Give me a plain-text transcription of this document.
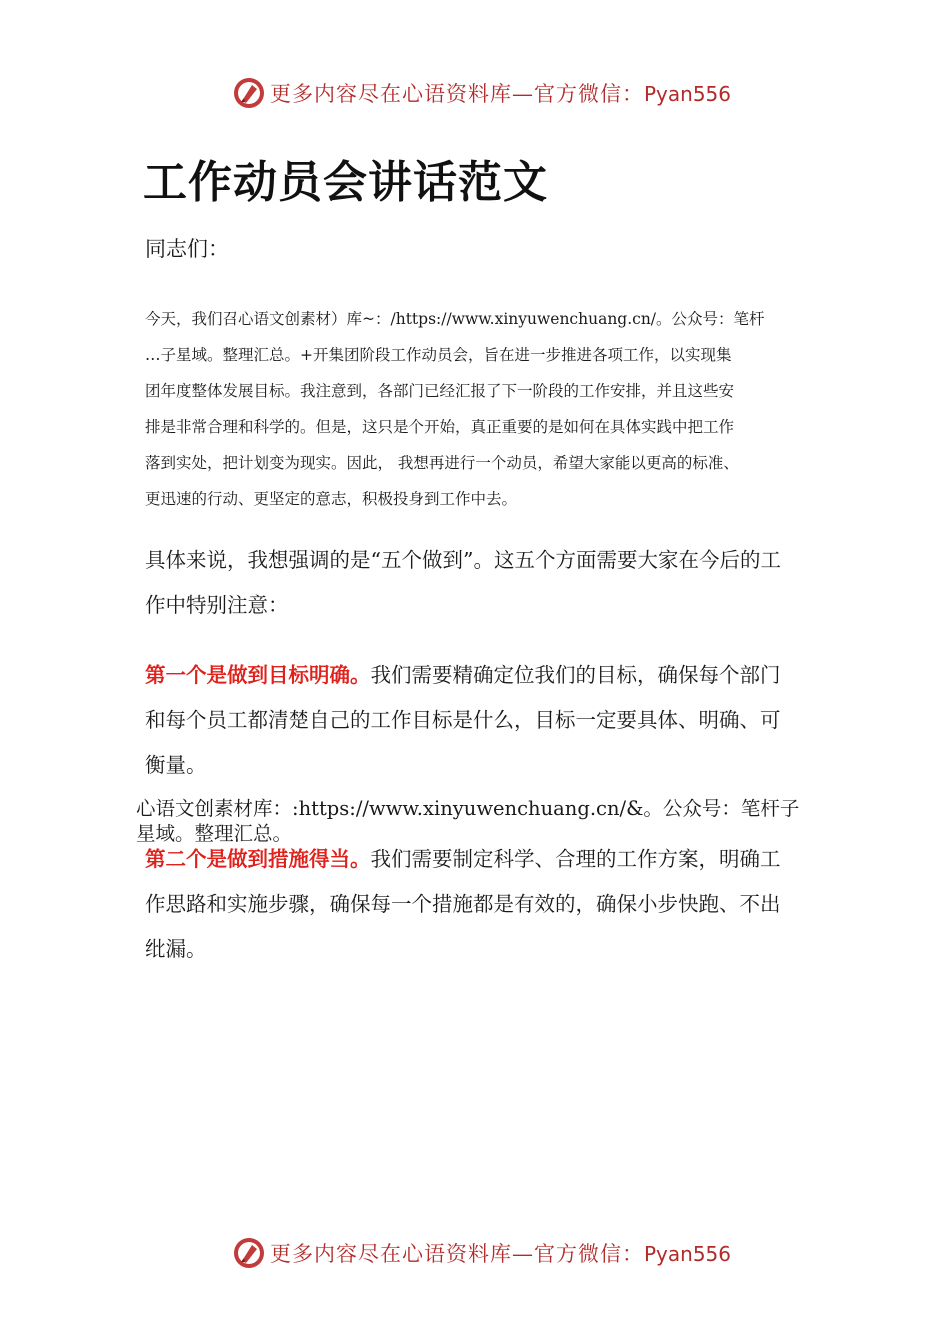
更多内容尽在心语资料库—官方微信：Pyan556
工作动员会讲话范文

同志们：

今天，我们召心语文创素材）库~：/https://www.xinyuwenchuang.cn/。公众号：笔杆
…子星域。整理汇总。+开集团阶段工作动员会，旨在进一步推进各项工作，以实现集
团年度整体发展目标。我注意到，各部门已经汇报了下一阶段的工作安排，并且这些安
排是非常合理和科学的。但是，这只是个开始，真正重要的是如何在具体实践中把工作
落到实处，把计划变为现实。因此， 我想再进行一个动员，希望大家能以更高的标准、
更迅速的行动、更坚定的意志，积极投身到工作中去。

具体来说，我想强调的是“五个做到”。这五个方面需要大家在今后的工
作中特别注意：

第一个是做到目标明确。我们需要精确定位我们的目标，确保每个部门
和每个员工都清楚自己的工作目标是什么，目标一定要具体、明确、可
衡量。

心语文创素材库：:https://www.xinyuwenchuang.cn/&。公众号：笔杆子
星域。整理汇总。

第二个是做到措施得当。我们需要制定科学、合理的工作方案，明确工
作思路和实施步骤，确保每一个措施都是有效的，确保小步快跑、不出
纰漏。

更多内容尽在心语资料库—官方微信：Pyan556
